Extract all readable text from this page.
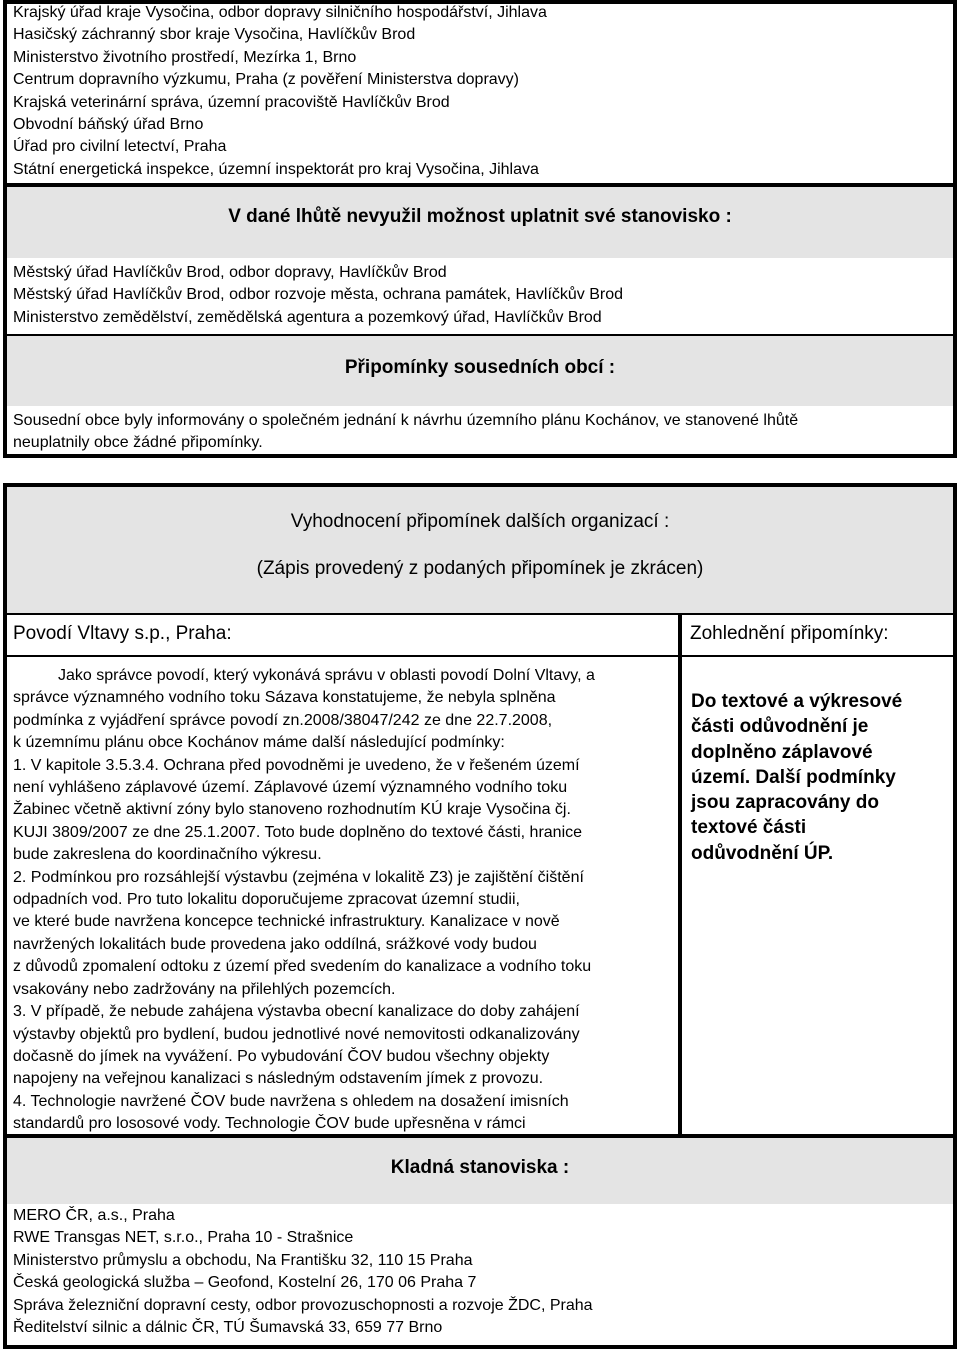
Krajský úřad kraje Vysočina, odbor dopravy silničního hospodářství, Jihlava
Hasičský záchranný sbor kraje Vysočina, Havlíčkův Brod
Ministerstvo životního prostředí, Mezírka 1, Brno
Centrum dopravního výzkumu, Praha (z pověření Ministerstva dopravy)
Krajská veterinární správa, územní pracoviště Havlíčkův Brod
Obvodní báňský úřad Brno
Úřad pro civilní letectví, Praha
Státní energetická inspekce, územní inspektorát pro kraj Vysočina, Jihlava
V dané lhůtě nevyužil možnost uplatnit své stanovisko :
Městský úřad Havlíčkův Brod, odbor dopravy, Havlíčkův Brod
Městský úřad Havlíčkův Brod, odbor rozvoje města, ochrana památek, Havlíčkův Brod
Ministerstvo zemědělství, zemědělská agentura a pozemkový úřad, Havlíčkův Brod
Připomínky sousedních obcí :
Sousední obce byly informovány o společném jednání k návrhu územního plánu Kochánov, ve stanovené lhůtě
neuplatnily obce žádné připomínky.
Vyhodnocení připomínek dalších organizací :
(Zápis provedený z podaných připomínek je zkrácen)
Povodí Vltavy s.p., Praha:	Zohlednění připomínky:
Jako správce povodí, který vykonává správu v oblasti povodí Dolní Vltavy, a
správce významného vodního toku Sázava konstatujeme, že nebyla splněna
podmínka z vyjádření správce povodí zn.2008/38047/242 ze dne 22.7.2008,
k územnímu plánu obce Kochánov máme další následující podmínky:
1. V kapitole 3.5.3.4. Ochrana před povodněmi je uvedeno, že v řešeném území
není vyhlášeno záplavové území. Záplavové území významného vodního toku
Žabinec včetně aktivní zóny bylo stanoveno rozhodnutím KÚ kraje Vysočina čj.
KUJI 3809/2007 ze dne 25.1.2007. Toto bude doplněno do textové části, hranice
bude zakreslena do koordinačního výkresu.
2. Podmínkou pro rozsáhlejší výstavbu (zejména v lokalitě Z3) je zajištění čištění
odpadních vod. Pro tuto lokalitu doporučujeme zpracovat územní studii,
ve které bude navržena koncepce technické infrastruktury. Kanalizace v nově
navržených lokalitách bude provedena jako oddílná, srážkové vody budou
z důvodů zpomalení odtoku z území před svedením do kanalizace a vodního toku
vsakovány nebo zadržovány na přilehlých pozemcích.
3. V případě, že nebude zahájena výstavba obecní kanalizace do doby zahájení
výstavby objektů pro bydlení, budou jednotlivé nové nemovitosti odkanalizovány
dočasně do jímek na vyvážení. Po vybudování ČOV budou všechny objekty
napojeny na veřejnou kanalizaci s následným odstavením jímek z provozu.
4. Technologie navržené ČOV bude navržena s ohledem na dosažení imisních
standardů pro lososové vody. Technologie ČOV bude upřesněna v rámci
Do textové a výkresové
části odůvodnění je
doplněno záplavové
území. Další podmínky
jsou zapracovány do
textové části
odůvodnění ÚP.
Kladná stanoviska :
MERO ČR, a.s., Praha
RWE Transgas NET, s.r.o., Praha 10 - Strašnice
Ministerstvo průmyslu a obchodu, Na Františku 32, 110 15 Praha
Česká geologická služba – Geofond, Kostelní 26, 170 06 Praha 7
Správa železniční dopravní cesty, odbor provozuschopnosti a rozvoje ŽDC, Praha
Ředitelství silnic a dálnic ČR, TÚ Šumavská 33, 659 77 Brno
